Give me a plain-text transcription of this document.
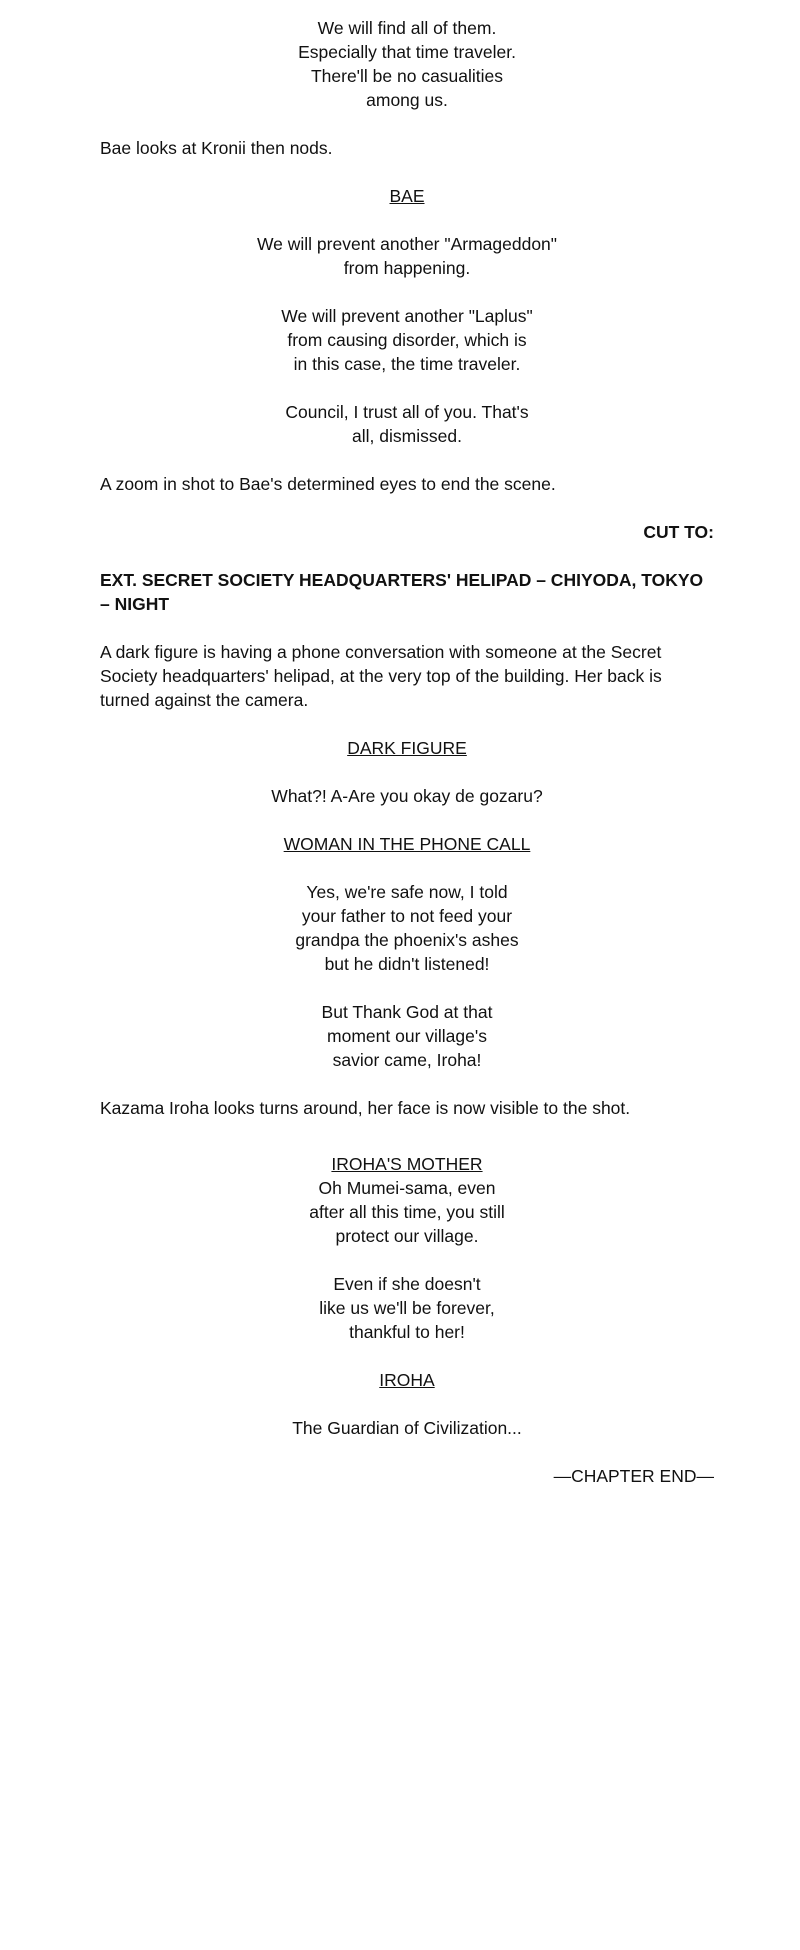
We will find all of them.
Especially that time traveler.
There'll be no casualities
among us.
Bae looks at Kronii then nods.
BAE
We will prevent another "Armageddon"
from happening.
We will prevent another "Laplus"
from causing disorder, which is
in this case, the time traveler.
Council, I trust all of you. That's
all, dismissed.
A zoom in shot to Bae's determined eyes to end the scene.
CUT TO:
EXT. SECRET SOCIETY HEADQUARTERS' HELIPAD – CHIYODA, TOKYO – NIGHT
A dark figure is having a phone conversation with someone at the Secret Society headquarters' helipad, at the very top of the building. Her back is turned against the camera.
DARK FIGURE
What?! A-Are you okay de gozaru?
WOMAN IN THE PHONE CALL
Yes, we're safe now, I told
your father to not feed your
grandpa the phoenix's ashes
but he didn't listened!
But Thank God at that
moment our village's
savior came, Iroha!
Kazama Iroha looks turns around, her face is now visible to the shot.
IROHA'S MOTHER
Oh Mumei-sama, even
after all this time, you still
protect our village.
Even if she doesn't
like us we'll be forever,
thankful to her!
IROHA
The Guardian of Civilization...
—CHAPTER END—
